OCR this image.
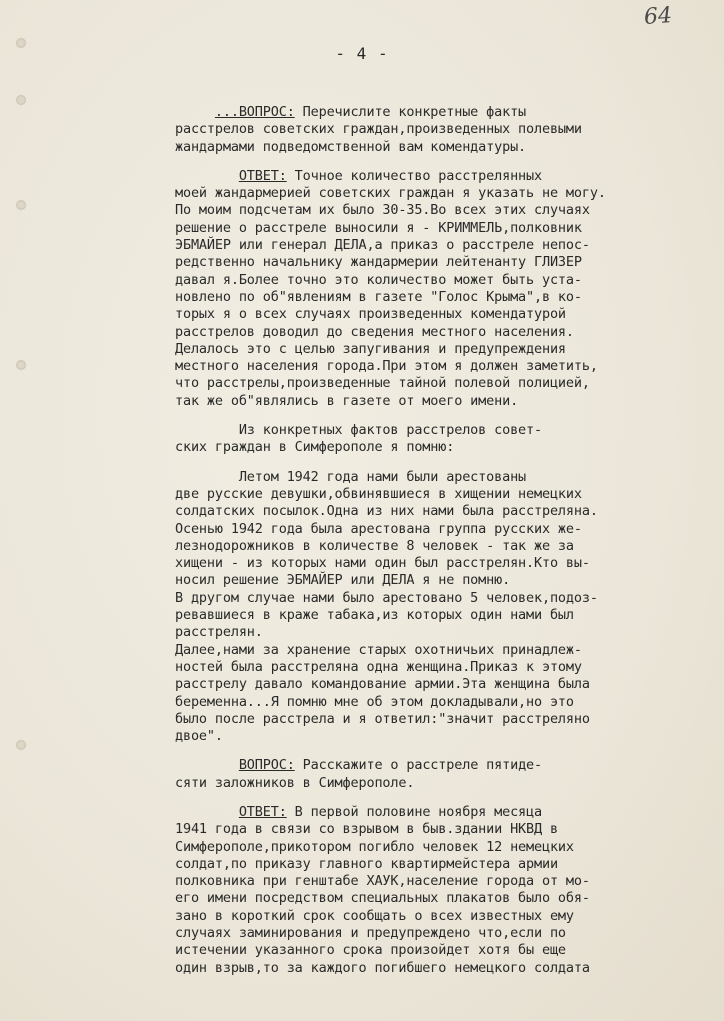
64
- 4 -
...ВОПРОС: Перечислите конкретные факты
расстрелов советских граждан,произведенных полевыми
жандармами подведомственной вам комендатуры.
ОТВЕТ: Точное количество расстрелянных
моей жандармерией советских граждан я указать не могу.
По моим подсчетам их было 30-35.Во всех этих случаях
решение о расстреле выносили я - КРИММЕЛЬ,полковник
ЭБМАЙЕР или генерал ДЕЛА,а приказ о расстреле непос-
редственно начальнику жандармерии лейтенанту ГЛИЗЕР
давал я.Более точно это количество может быть уста-
новлено по об"явлениям в газете "Голос Крыма",в ко-
торых я о всех случаях произведенных комендатурой
расстрелов доводил до сведения местного населения.
Делалось это с целью запугивания и предупреждения
местного населения города.При этом я должен заметить,
что расстрелы,произведенные тайной полевой полицией,
так же об"являлись в газете от моего имени.
Из конкретных фактов расстрелов совет-
ских граждан в Симферополе я помню:
Летом 1942 года нами были арестованы
две русские девушки,обвинявшиеся в хищении немецких
солдатских посылок.Одна из них нами была расстреляна.
Осенью 1942 года была арестована группа русских же-
лезнодорожников в количестве 8 человек - так же за
хищени - из которых нами один был расстрелян.Кто вы-
носил решение ЭБМАЙЕР или ДЕЛА я не помню.
В другом случае нами было арестовано 5 человек,подоз-
ревавшиеся в краже табака,из которых один нами был
расстрелян.
Далее,нами за хранение старых охотничьих принадлеж-
ностей была расстреляна одна женщина.Приказ к этому
расстрелу давало командование армии.Эта женщина была
беременна...Я помню мне об этом докладывали,но это
было после расстрела и я ответил:"значит расстреляно
двое".
ВОПРОС: Расскажите о расстреле пятиде-
сяти заложников в Симферополе.
ОТВЕТ: В первой половине ноября месяца
1941 года в связи со взрывом в быв.здании НКВД в
Симферополе,прикотором погибло человек 12 немецких
солдат,по приказу главного квартирмейстера армии
полковника при генштабе ХАУК,население города от мо-
его имени посредством специальных плакатов было обя-
зано в короткий срок сообщать о всех известных ему
случаях заминирования и предупреждено что,если по
истечении указанного срока произойдет хотя бы еще
один взрыв,то за каждого погибшего немецкого солдата
